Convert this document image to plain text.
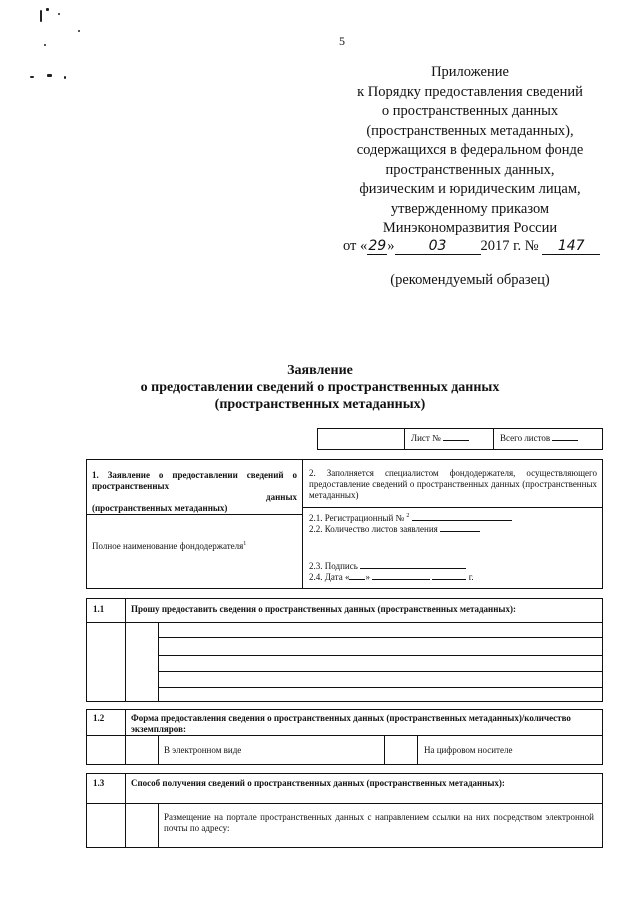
5
Приложение
к Порядку предоставления сведений
о пространственных данных
(пространственных метаданных),
содержащихся в федеральном фонде
пространственных данных,
физическим и юридическим лицам,
утвержденному приказом
Минэкономразвития России
от «29» 03 2017 г. № 147
(рекомендуемый образец)
Заявление
о предоставлении сведений о пространственных данных
(пространственных метаданных)
	Лист №	Всего листов
1. Заявление о предоставлении сведений о пространственных
данных
(пространственных метаданных)

2. Заполняется специалистом фондодержателя, осуществляющего предоставление сведений о пространственных данных (пространственных метаданных)
2.1. Регистрационный № $^2$
2.2. Количество листов заявления
2.3. Подпись
2.4. Дата « »	г.

Полное наименование фондодержателя$^1$
1.1	Прошу предоставить сведения о пространственных данных (пространственных метаданных):	

1.2	Форма предоставления сведения о пространственных данных (пространственных метаданных)/количество экземпляров:			
		В электронном виде		На цифровом носителе
1.3	Способ получения сведений о пространственных данных (пространственных метаданных):	
		Размещение на портале пространственных данных с направлением ссылки на них посредством электронной почты по адресу:
